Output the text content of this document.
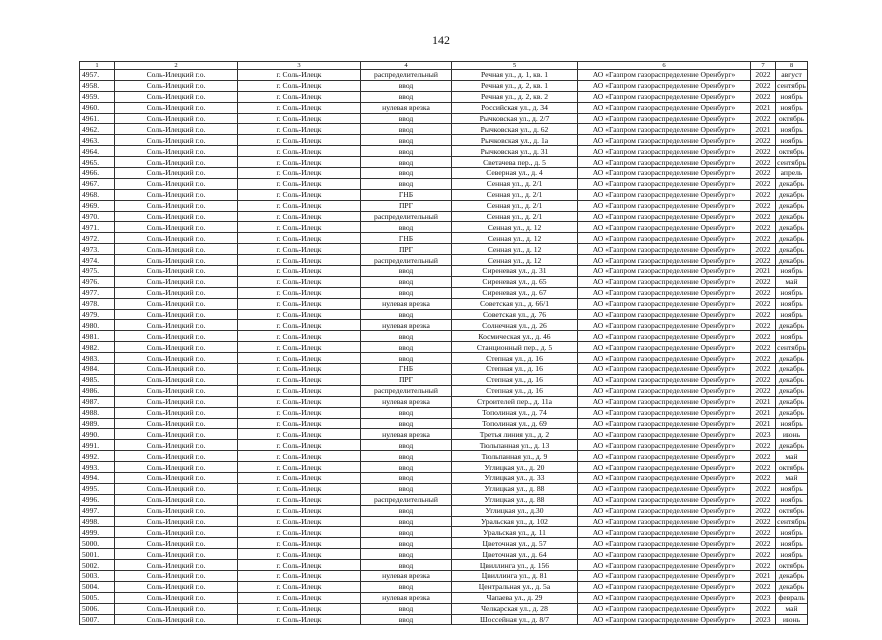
142
1	2	3	4	5	6	7	8
4957.	Соль-Илецкий г.о.	г. Соль-Илецк	распределительный	Речная ул., д. 1, кв. 1	АО «Газпром газораспределение Оренбург»	2022	август
4958.	Соль-Илецкий г.о.	г. Соль-Илецк	ввод	Речная ул., д. 2, кв. 1	АО «Газпром газораспределение Оренбург»	2022	сентябрь
4959.	Соль-Илецкий г.о.	г. Соль-Илецк	ввод	Речная ул., д. 2, кв. 2	АО «Газпром газораспределение Оренбург»	2022	ноябрь
4960.	Соль-Илецкий г.о.	г. Соль-Илецк	нулевая врезка	Российская ул., д. 34	АО «Газпром газораспределение Оренбург»	2021	ноябрь
4961.	Соль-Илецкий г.о.	г. Соль-Илецк	ввод	Рычковская ул., д. 2/7	АО «Газпром газораспределение Оренбург»	2022	октябрь
4962.	Соль-Илецкий г.о.	г. Соль-Илецк	ввод	Рычковская ул., д. 62	АО «Газпром газораспределение Оренбург»	2021	ноябрь
4963.	Соль-Илецкий г.о.	г. Соль-Илецк	ввод	Рычковская ул., д. 1а	АО «Газпром газораспределение Оренбург»	2022	ноябрь
4964.	Соль-Илецкий г.о.	г. Соль-Илецк	ввод	Рычковская ул., д. 31	АО «Газпром газораспределение Оренбург»	2022	октябрь
4965.	Соль-Илецкий г.о.	г. Соль-Илецк	ввод	Светачева пер., д. 5	АО «Газпром газораспределение Оренбург»	2022	сентябрь
4966.	Соль-Илецкий г.о.	г. Соль-Илецк	ввод	Северная ул., д. 4	АО «Газпром газораспределение Оренбург»	2022	апрель
4967.	Соль-Илецкий г.о.	г. Соль-Илецк	ввод	Сенная ул., д. 2/1	АО «Газпром газораспределение Оренбург»	2022	декабрь
4968.	Соль-Илецкий г.о.	г. Соль-Илецк	ГНБ	Сенная ул., д. 2/1	АО «Газпром газораспределение Оренбург»	2022	декабрь
4969.	Соль-Илецкий г.о.	г. Соль-Илецк	ПРГ	Сенная ул., д. 2/1	АО «Газпром газораспределение Оренбург»	2022	декабрь
4970.	Соль-Илецкий г.о.	г. Соль-Илецк	распределительный	Сенная ул., д. 2/1	АО «Газпром газораспределение Оренбург»	2022	декабрь
4971.	Соль-Илецкий г.о.	г. Соль-Илецк	ввод	Сенная ул., д. 12	АО «Газпром газораспределение Оренбург»	2022	декабрь
4972.	Соль-Илецкий г.о.	г. Соль-Илецк	ГНБ	Сенная ул., д. 12	АО «Газпром газораспределение Оренбург»	2022	декабрь
4973.	Соль-Илецкий г.о.	г. Соль-Илецк	ПРГ	Сенная ул., д. 12	АО «Газпром газораспределение Оренбург»	2022	декабрь
4974.	Соль-Илецкий г.о.	г. Соль-Илецк	распределительный	Сенная ул., д. 12	АО «Газпром газораспределение Оренбург»	2022	декабрь
4975.	Соль-Илецкий г.о.	г. Соль-Илецк	ввод	Сиреневая ул., д. 31	АО «Газпром газораспределение Оренбург»	2021	ноябрь
4976.	Соль-Илецкий г.о.	г. Соль-Илецк	ввод	Сиреневая ул., д. 65	АО «Газпром газораспределение Оренбург»	2022	май
4977.	Соль-Илецкий г.о.	г. Соль-Илецк	ввод	Сиреневая ул., д. 67	АО «Газпром газораспределение Оренбург»	2022	ноябрь
4978.	Соль-Илецкий г.о.	г. Соль-Илецк	нулевая врезка	Советская ул., д. 66/1	АО «Газпром газораспределение Оренбург»	2022	ноябрь
4979.	Соль-Илецкий г.о.	г. Соль-Илецк	ввод	Советская ул., д. 76	АО «Газпром газораспределение Оренбург»	2022	ноябрь
4980.	Соль-Илецкий г.о.	г. Соль-Илецк	нулевая врезка	Солнечная ул., д. 26	АО «Газпром газораспределение Оренбург»	2022	декабрь
4981.	Соль-Илецкий г.о.	г. Соль-Илецк	ввод	Космическая ул., д. 46	АО «Газпром газораспределение Оренбург»	2022	ноябрь
4982.	Соль-Илецкий г.о.	г. Соль-Илецк	ввод	Станционный пер., д. 5	АО «Газпром газораспределение Оренбург»	2022	сентябрь
4983.	Соль-Илецкий г.о.	г. Соль-Илецк	ввод	Степная ул., д. 16	АО «Газпром газораспределение Оренбург»	2022	декабрь
4984.	Соль-Илецкий г.о.	г. Соль-Илецк	ГНБ	Степная ул., д. 16	АО «Газпром газораспределение Оренбург»	2022	декабрь
4985.	Соль-Илецкий г.о.	г. Соль-Илецк	ПРГ	Степная ул., д. 16	АО «Газпром газораспределение Оренбург»	2022	декабрь
4986.	Соль-Илецкий г.о.	г. Соль-Илецк	распределительный	Степная ул., д. 16	АО «Газпром газораспределение Оренбург»	2022	декабрь
4987.	Соль-Илецкий г.о.	г. Соль-Илецк	нулевая врезка	Строителей пер., д. 11а	АО «Газпром газораспределение Оренбург»	2021	декабрь
4988.	Соль-Илецкий г.о.	г. Соль-Илецк	ввод	Тополиная ул., д. 74	АО «Газпром газораспределение Оренбург»	2021	декабрь
4989.	Соль-Илецкий г.о.	г. Соль-Илецк	ввод	Тополиная ул., д. 69	АО «Газпром газораспределение Оренбург»	2021	ноябрь
4990.	Соль-Илецкий г.о.	г. Соль-Илецк	нулевая врезка	Третья линия ул., д. 2	АО «Газпром газораспределение Оренбург»	2023	июнь
4991.	Соль-Илецкий г.о.	г. Соль-Илецк	ввод	Тюльпанная ул., д. 13	АО «Газпром газораспределение Оренбург»	2022	декабрь
4992.	Соль-Илецкий г.о.	г. Соль-Илецк	ввод	Тюльпанная ул., д. 9	АО «Газпром газораспределение Оренбург»	2022	май
4993.	Соль-Илецкий г.о.	г. Соль-Илецк	ввод	Углицкая ул., д. 20	АО «Газпром газораспределение Оренбург»	2022	октябрь
4994.	Соль-Илецкий г.о.	г. Соль-Илецк	ввод	Углицкая ул., д. 33	АО «Газпром газораспределение Оренбург»	2022	май
4995.	Соль-Илецкий г.о.	г. Соль-Илецк	ввод	Углицкая ул., д. 88	АО «Газпром газораспределение Оренбург»	2022	ноябрь
4996.	Соль-Илецкий г.о.	г. Соль-Илецк	распределительный	Углицкая ул., д. 88	АО «Газпром газораспределение Оренбург»	2022	ноябрь
4997.	Соль-Илецкий г.о.	г. Соль-Илецк	ввод	Углицкая ул., д.30	АО «Газпром газораспределение Оренбург»	2022	октябрь
4998.	Соль-Илецкий г.о.	г. Соль-Илецк	ввод	Уральская ул., д. 102	АО «Газпром газораспределение Оренбург»	2022	сентябрь
4999.	Соль-Илецкий г.о.	г. Соль-Илецк	ввод	Уральская ул., д. 11	АО «Газпром газораспределение Оренбург»	2022	ноябрь
5000.	Соль-Илецкий г.о.	г. Соль-Илецк	ввод	Цветочная ул., д. 57	АО «Газпром газораспределение Оренбург»	2022	ноябрь
5001.	Соль-Илецкий г.о.	г. Соль-Илецк	ввод	Цветочная ул., д. 64	АО «Газпром газораспределение Оренбург»	2022	ноябрь
5002.	Соль-Илецкий г.о.	г. Соль-Илецк	ввод	Цвиллинга ул., д. 156	АО «Газпром газораспределение Оренбург»	2022	октябрь
5003.	Соль-Илецкий г.о.	г. Соль-Илецк	нулевая врезка	Цвиллинга ул., д. 81	АО «Газпром газораспределение Оренбург»	2021	декабрь
5004.	Соль-Илецкий г.о.	г. Соль-Илецк	ввод	Центральная ул., д. 5а	АО «Газпром газораспределение Оренбург»	2022	декабрь
5005.	Соль-Илецкий г.о.	г. Соль-Илецк	нулевая врезка	Чапаева ул., д. 29	АО «Газпром газораспределение Оренбург»	2023	февраль
5006.	Соль-Илецкий г.о.	г. Соль-Илецк	ввод	Челкарская ул., д. 28	АО «Газпром газораспределение Оренбург»	2022	май
5007.	Соль-Илецкий г.о.	г. Соль-Илецк	ввод	Шоссейная ул., д. 8/7	АО «Газпром газораспределение Оренбург»	2023	июнь
